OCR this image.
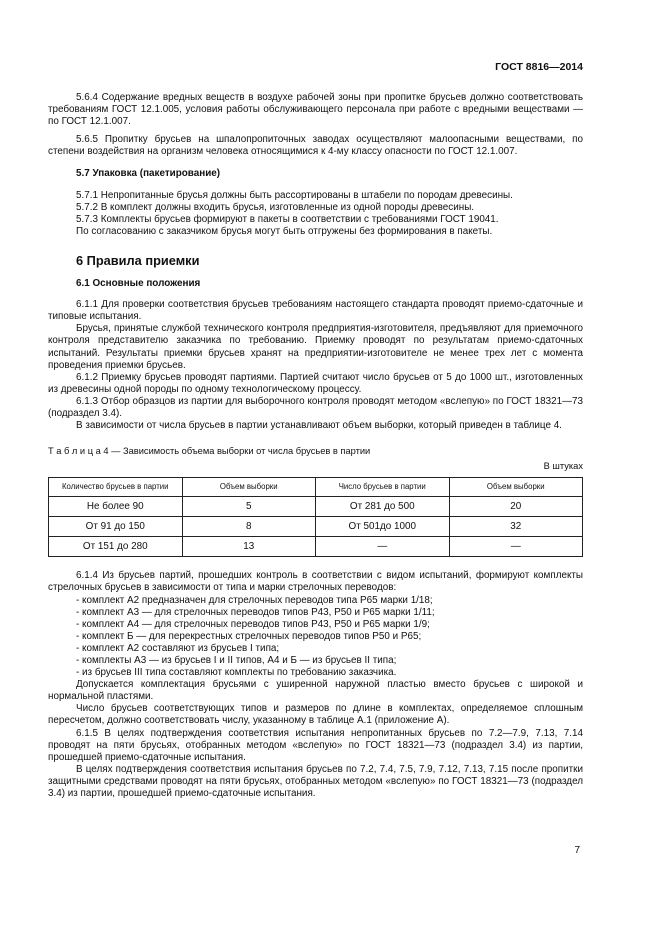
ГОСТ 8816—2014

5.6.4 Содержание вредных веществ в воздухе рабочей зоны при пропитке брусьев должно соответствовать требованиям ГОСТ 12.1.005, условия работы обслуживающего персонала при работе с вредными веществами — по ГОСТ 12.1.007.

5.6.5 Пропитку брусьев на шпалопропиточных заводах осуществляют малоопасными веществами, по степени воздействия на организм человека относящимися к 4-му классу опасности по ГОСТ 12.1.007.

5.7 Упаковка (пакетирование)

5.7.1 Непропитанные брусья должны быть рассортированы в штабели по породам древесины.

5.7.2 В комплект должны входить брусья, изготовленные из одной породы древесины.

5.7.3 Комплекты брусьев формируют в пакеты в соответствии с требованиями ГОСТ 19041.

По согласованию с заказчиком брусья могут быть отгружены без формирования в пакеты.

6 Правила приемки
6.1 Основные положения

6.1.1 Для проверки соответствия брусьев требованиям настоящего стандарта проводят приемо-сдаточные и типовые испытания.

Брусья, принятые службой технического контроля предприятия-изготовителя, предъявляют для приемочного контроля представителю заказчика по требованию. Приемку проводят по результатам приемо-сдаточных испытаний. Результаты приемки брусьев хранят на предприятии-изготовителе не менее трех лет с момента проведения приемки брусьев.

6.1.2 Приемку брусьев проводят партиями. Партией считают число брусьев от 5 до 1000 шт., изготовленных из древесины одной породы по одному технологическому процессу.

6.1.3 Отбор образцов из партии для выборочного контроля проводят методом «вслепую» по ГОСТ 18321—73 (подраздел 3.4).

В зависимости от числа брусьев в партии устанавливают объем выборки, который приведен в таблице 4.

Т а б л и ц а 4 — Зависимость объема выборки от числа брусьев в партии
В штуках
Количество брусьев в партии	Объем выборки	Число брусьев в партии	Объем выборки
Не более 90	5	От 281 до 500	20
От 91 до 150	8	От 501до 1000	32
От 151 до 280	13	—	—

6.1.4 Из брусьев партий, прошедших контроль в соответствии с видом испытаний, формируют комплекты стрелочных брусьев в зависимости от типа и марки стрелочных переводов:

- комплект А2 предназначен для стрелочных переводов типа Р65 марки 1/18;

- комплект А3 — для стрелочных переводов типов Р43, Р50 и Р65 марки 1/11;

- комплект А4 — для стрелочных переводов типов Р43, Р50 и Р65 марки 1/9;

- комплект Б — для перекрестных стрелочных переводов типов Р50 и Р65;

- комплект А2 составляют из брусьев I типа;

- комплекты А3 — из брусьев I и II типов, А4 и Б — из брусьев II типа;

- из брусьев III типа составляют комплекты по требованию заказчика.

Допускается комплектация брусьями с уширенной наружной пластью вместо брусьев с широкой и нормальной пластями.

Число брусьев соответствующих типов и размеров по длине в комплектах, определяемое сплошным пересчетом, должно соответствовать числу, указанному в таблице А.1 (приложение А).

6.1.5 В целях подтверждения соответствия испытания непропитанных брусьев по 7.2—7.9, 7.13, 7.14 проводят на пяти брусьях, отобранных методом «вслепую» по ГОСТ 18321—73 (подраздел 3.4) из партии, прошедшей приемо-сдаточные испытания.

В целях подтверждения соответствия испытания брусьев по 7.2, 7.4, 7.5, 7.9, 7.12, 7.13, 7.15 после пропитки защитными средствами проводят на пяти брусьях, отобранных методом «вслепую» по ГОСТ 18321—73 (подраздел 3.4) из партии, прошедшей приемо-сдаточные испытания.

7
